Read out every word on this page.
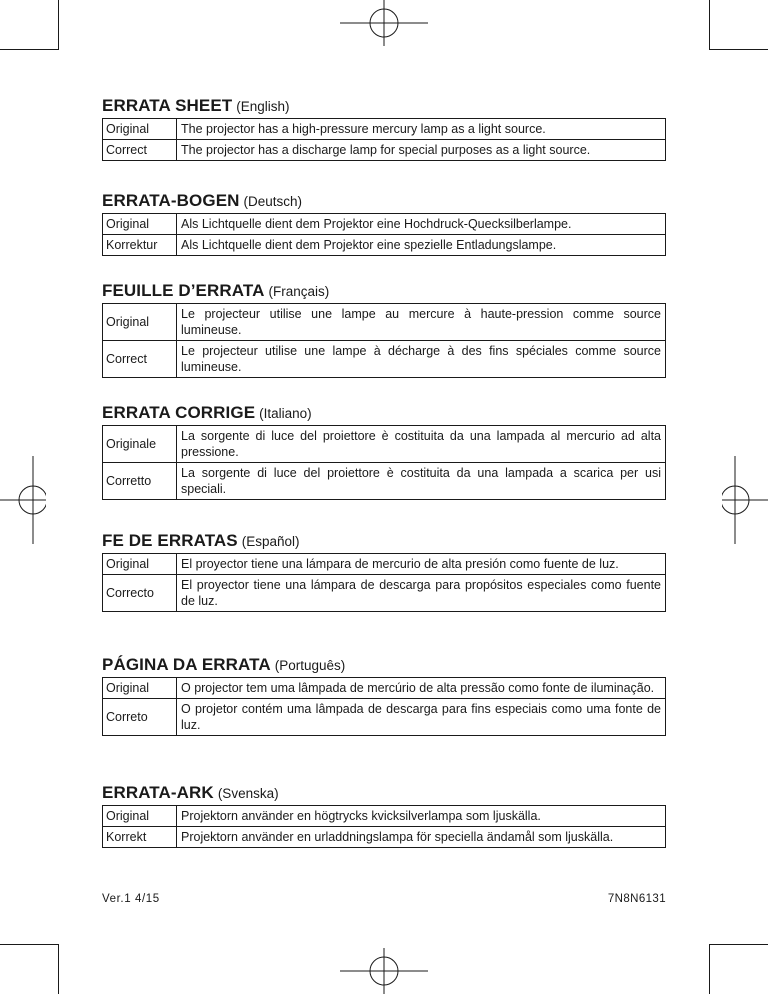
ERRATA SHEET (English)
Original	The projector has a high-pressure mercury lamp as a light source.
Correct	The projector has a discharge lamp for special purposes as a light source.
ERRATA-BOGEN (Deutsch)
Original	Als Lichtquelle dient dem Projektor eine Hochdruck-Quecksilberlampe.
Korrektur	Als Lichtquelle dient dem Projektor eine spezielle Entladungslampe.
FEUILLE D’ERRATA (Français)
Original	Le projecteur utilise une lampe au mercure à haute-pression comme source lumineuse.
Correct	Le projecteur utilise une lampe à décharge à des fins spéciales comme source lumineuse.
ERRATA CORRIGE (Italiano)
Originale	La sorgente di luce del proiettore è costituita da una lampada al mercurio ad alta pressione.
Corretto	La sorgente di luce del proiettore è costituita da una lampada a scarica per usi speciali.
FE DE ERRATAS (Español)
Original	El proyector tiene una lámpara de mercurio de alta presión como fuente de luz.
Correcto	El proyector tiene una lámpara de descarga para propósitos especiales como fuente de luz.
PÁGINA DA ERRATA (Português)
Original	O projector tem uma lâmpada de mercúrio de alta pressão como fonte de iluminação.
Correto	O projetor contém uma lâmpada de descarga para fins especiais como uma fonte de luz.
ERRATA-ARK (Svenska)
Original	Projektorn använder en högtrycks kvicksilverlampa som ljuskälla.
Korrekt	Projektorn använder en urladdningslampa för speciella ändamål som ljuskälla.
Ver.1 4/15	7N8N6131
